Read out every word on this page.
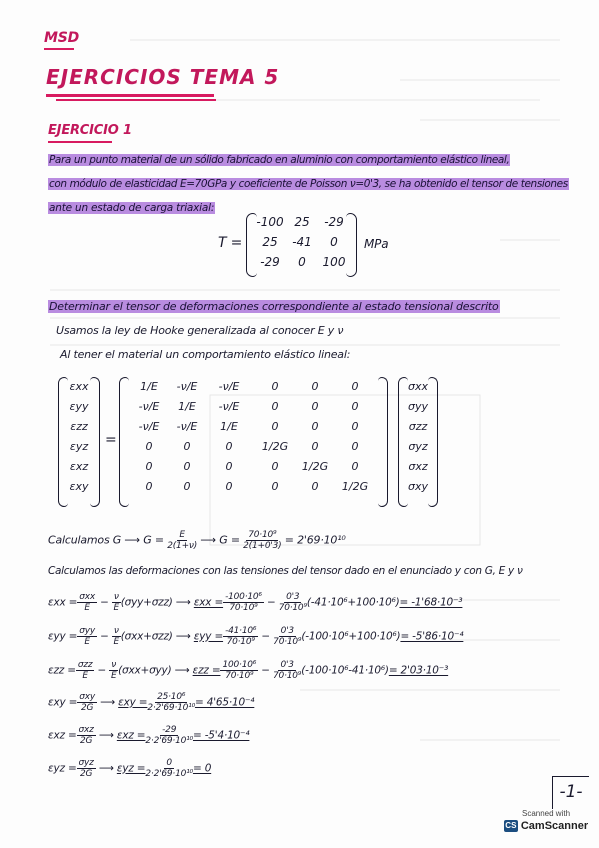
MSD
EJERCICIOS TEMA 5
EJERCICIO 1
Para un punto material de un sólido fabricado en aluminio con comportamiento elástico lineal,
con módulo de elasticidad E=70GPa y coeficiente de Poisson ν=0'3, se ha obtenido el tensor de tensiones
ante un estado de carga triaxial:
T =
-100 25	-29
25	-41	0
-29	0	100
MPa
Determinar el tensor de deformaciones correspondiente al estado tensional descrito
Usamos la ley de Hooke generalizada al conocer E y ν
Al tener el material un comportamiento elástico lineal:
εxx
εyy
εzz
εyz
εxz
εxy
=
1/E	-ν/E	-ν/E	0	0	0
-ν/E	1/E	-ν/E	0	0	0
-ν/E	-ν/E	1/E	0	0	0
0	0	0	1/2G	0	0
0	0	0	0	1/2G	0
0	0	0	0	0	1/2G
σxx
σyy
σzz
σyz
σxz
σxy
Calculamos G ⟶ $G = \frac{E}{2(1+\nu)}$ ⟶ $G = \frac{\text{70·10⁹}}{2(1+0'3)} = 2'69\cdot 10^{10}$
Calculamos las deformaciones con las tensiones del tensor dado en el enunciado y con G, E y ν
$\varepsilon xx = \frac{\text{σxx}}{E} - \frac{\nu}{E} (\sigma yy+\sigma zz)$ ⟶ $\varepsilon xx = \frac{\text{-100·10⁶}}{\text{70·10⁹}} - \frac{0'3}{\text{70·10⁹}} (-41\cdot 10^6+100\cdot 10^6)= -1'68\cdot 10^{-3}$
$\varepsilon yy = \frac{\text{σyy}}{E} - \frac{\nu}{E} (\sigma xx+\sigma zz)$ ⟶ $\varepsilon yy = \frac{\text{-41·10⁶}}{\text{70·10⁹}} - \frac{0'3}{\text{70·10⁹}} (-100\cdot 10^6+100\cdot 10^6)= -5'86\cdot 10^{-4}$
$\varepsilon zz = \frac{\text{σzz}}{E} - \frac{\nu}{E} (\sigma xx+\sigma yy)$ ⟶ $\varepsilon zz = \frac{\text{100·10⁶}}{\text{70·10⁹}} - \frac{0'3}{\text{70·10⁹}} (-100\cdot 10^6-41\cdot 10^6)= 2'03\cdot 10^{-3}$
$\varepsilon xy = \frac{\text{σxy}}{2G}$ ⟶ $\varepsilon xy = \frac{\text{25·10⁶}}{\text{2·2'69·10¹⁰}} = 4'65\cdot 10^{-4}$
$\varepsilon xz = \frac{\text{σxz}}{2G}$ ⟶ $\varepsilon xz = \frac{-29}{\text{2·2'69·10¹⁰}} = -5'4\cdot 10^{-4}$
$\varepsilon yz = \frac{\text{σyz}}{2G}$ ⟶ $\varepsilon yz = \frac{0}{\text{2·2'69·10¹⁰}} = 0$
-1-
Scanned with
CS CamScanner
